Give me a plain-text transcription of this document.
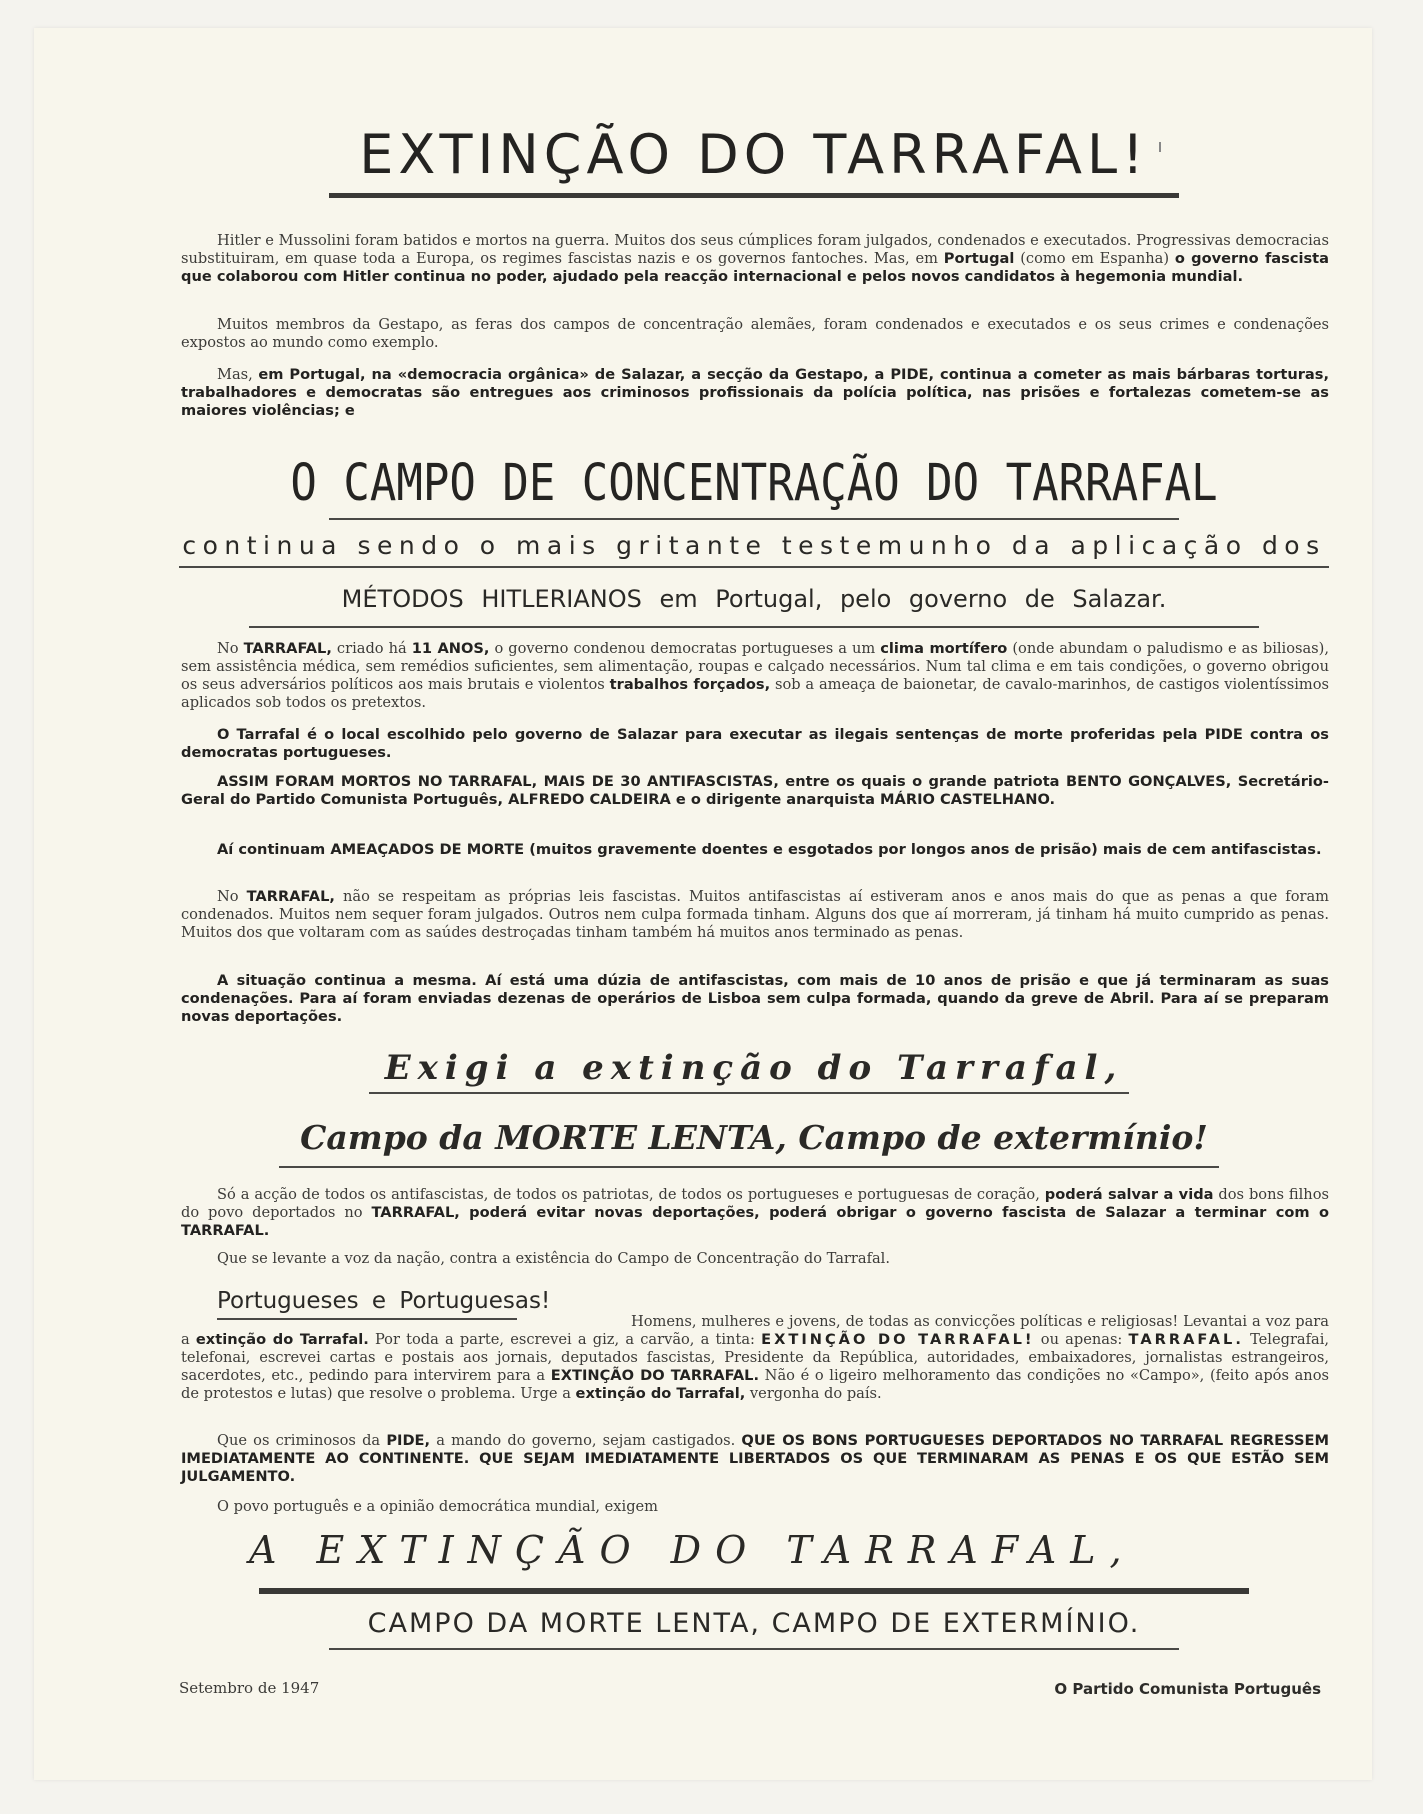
EXTINÇÃO DO TARRAFAL!
Hitler e Mussolini foram batidos e mortos na guerra. Muitos dos seus cúmplices foram julgados, condenados e executados. Progressivas democracias substituiram, em quase toda a Europa, os regimes fascistas nazis e os governos fantoches. Mas, em Portugal (como em Espanha) o governo fascista que colaborou com Hitler continua no poder, ajudado pela reacção internacional e pelos novos candidatos à hegemonia mundial.
Muitos membros da Gestapo, as feras dos campos de concentração alemães, foram condenados e executados e os seus crimes e condenações expostos ao mundo como exemplo.
Mas, em Portugal, na «democracia orgânica» de Salazar, a secção da Gestapo, a PIDE, continua a cometer as mais bárbaras torturas, trabalhadores e democratas são entregues aos criminosos profissionais da polícia política, nas prisões e fortalezas cometem-se as maiores violências; e
O CAMPO DE CONCENTRAÇÃO DO TARRAFAL
continua sendo o mais gritante testemunho da aplicação dos
MÉTODOS HITLERIANOS em Portugal, pelo governo de Salazar.
No TARRAFAL, criado há 11 ANOS, o governo condenou democratas portugueses a um clima mortífero (onde abundam o paludismo e as biliosas), sem assistência médica, sem remédios suficientes, sem alimentação, roupas e calçado necessários. Num tal clima e em tais condições, o governo obrigou os seus adversários políticos aos mais brutais e violentos trabalhos forçados, sob a ameaça de baionetar, de cavalo-marinhos, de castigos violentíssimos aplicados sob todos os pretextos.
O Tarrafal é o local escolhido pelo governo de Salazar para executar as ilegais sentenças de morte proferidas pela PIDE contra os democratas portugueses.
ASSIM FORAM MORTOS NO TARRAFAL, MAIS DE 30 ANTIFASCISTAS, entre os quais o grande patriota BENTO GONÇALVES, Secretário-Geral do Partido Comunista Português, ALFREDO CALDEIRA e o dirigente anarquista MÁRIO CASTELHANO.
Aí continuam AMEAÇADOS DE MORTE (muitos gravemente doentes e esgotados por longos anos de prisão) mais de cem antifascistas.
No TARRAFAL, não se respeitam as próprias leis fascistas. Muitos antifascistas aí estiveram anos e anos mais do que as penas a que foram condenados. Muitos nem sequer foram julgados. Outros nem culpa formada tinham. Alguns dos que aí morreram, já tinham há muito cumprido as penas. Muitos dos que voltaram com as saúdes destroçadas tinham também há muitos anos terminado as penas.
A situação continua a mesma. Aí está uma dúzia de antifascistas, com mais de 10 anos de prisão e que já terminaram as suas condenações. Para aí foram enviadas dezenas de operários de Lisboa sem culpa formada, quando da greve de Abril. Para aí se preparam novas deportações.
Exigi a extinção do Tarrafal,
Campo da MORTE LENTA, Campo de extermínio!
Só a acção de todos os antifascistas, de todos os patriotas, de todos os portugueses e portuguesas de coração, poderá salvar a vida dos bons filhos do povo deportados no TARRAFAL, poderá evitar novas deportações, poderá obrigar o governo fascista de Salazar a terminar com o TARRAFAL.
Que se levante a voz da nação, contra a existência do Campo de Concentração do Tarrafal.
Portugueses e Portuguesas!
Homens, mulheres e jovens, de todas as convicções políticas e religiosas! Levantai a voz para a extinção do Tarrafal. Por toda a parte, escrevei a giz, a carvão, a tinta: EXTINÇÃO DO TARRAFAL! ou apenas: TARRAFAL. Telegrafai, telefonai, escrevei cartas e postais aos jornais, deputados fascistas, Presidente da República, autoridades, embaixadores, jornalistas estrangeiros, sacerdotes, etc., pedindo para intervirem para a EXTINÇÃO DO TARRAFAL. Não é o ligeiro melhoramento das condições no «Campo», (feito após anos de protestos e lutas) que resolve o problema. Urge a extinção do Tarrafal, vergonha do país.
Que os criminosos da PIDE, a mando do governo, sejam castigados. QUE OS BONS PORTUGUESES DEPORTADOS NO TARRAFAL REGRESSEM IMEDIATAMENTE AO CONTINENTE. QUE SEJAM IMEDIATAMENTE LIBERTADOS OS QUE TERMINARAM AS PENAS E OS QUE ESTÃO SEM JULGAMENTO.
O povo português e a opinião democrática mundial, exigem
A EXTINÇÃO DO TARRAFAL,
CAMPO DA MORTE LENTA, CAMPO DE EXTERMÍNIO.
Setembro de 1947	O Partido Comunista Português
